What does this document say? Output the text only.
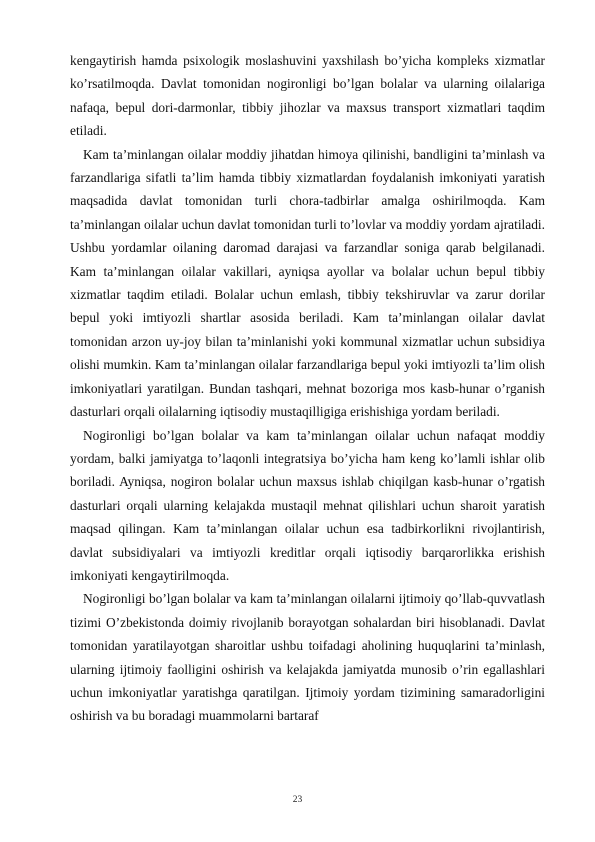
kengaytirish hamda psixologik moslashuvini yaxshilash bo’yicha kompleks xizmatlar ko’rsatilmoqda. Davlat tomonidan nogironligi bo’lgan bolalar va ularning oilalariga nafaqa, bepul dori-darmonlar, tibbiy jihozlar va maxsus transport xizmatlari taqdim etiladi.

Kam ta’minlangan oilalar moddiy jihatdan himoya qilinishi, bandligini ta’minlash va farzandlariga sifatli ta’lim hamda tibbiy xizmatlardan foydalanish imkoniyati yaratish maqsadida davlat tomonidan turli chora-tadbirlar amalga oshirilmoqda. Kam ta’minlangan oilalar uchun davlat tomonidan turli to’lovlar va moddiy yordam ajratiladi. Ushbu yordamlar oilaning daromad darajasi va farzandlar soniga qarab belgilanadi. Kam ta’minlangan oilalar vakillari, ayniqsa ayollar va bolalar uchun bepul tibbiy xizmatlar taqdim etiladi. Bolalar uchun emlash, tibbiy tekshiruvlar va zarur dorilar bepul yoki imtiyozli shartlar asosida beriladi. Kam ta’minlangan oilalar davlat tomonidan arzon uy-joy bilan ta’minlanishi yoki kommunal xizmatlar uchun subsidiya olishi mumkin. Kam ta’minlangan oilalar farzandlariga bepul yoki imtiyozli ta’lim olish imkoniyatlari yaratilgan. Bundan tashqari, mehnat bozoriga mos kasb-hunar o’rganish dasturlari orqali oilalarning iqtisodiy mustaqilligiga erishishiga yordam beriladi.

Nogironligi bo’lgan bolalar va kam ta’minlangan oilalar uchun nafaqat moddiy yordam, balki jamiyatga to’laqonli integratsiya bo’yicha ham keng ko’lamli ishlar olib boriladi. Ayniqsa, nogiron bolalar uchun maxsus ishlab chiqilgan kasb-hunar o’rgatish dasturlari orqali ularning kelajakda mustaqil mehnat qilishlari uchun sharoit yaratish maqsad qilingan. Kam ta’minlangan oilalar uchun esa tadbirkorlikni rivojlantirish, davlat subsidiyalari va imtiyozli kreditlar orqali iqtisodiy barqarorlikka erishish imkoniyati kengaytirilmoqda.

Nogironligi bo’lgan bolalar va kam ta’minlangan oilalarni ijtimoiy qo’llab-quvvatlash tizimi O’zbekistonda doimiy rivojlanib borayotgan sohalardan biri hisoblanadi. Davlat tomonidan yaratilayotgan sharoitlar ushbu toifadagi aholining huquqlarini ta’minlash, ularning ijtimoiy faolligini oshirish va kelajakda jamiyatda munosib o’rin egallashlari uchun imkoniyatlar yaratishga qaratilgan. Ijtimoiy yordam tizimining samaradorligini oshirish va bu boradagi muammolarni bartaraf

23
